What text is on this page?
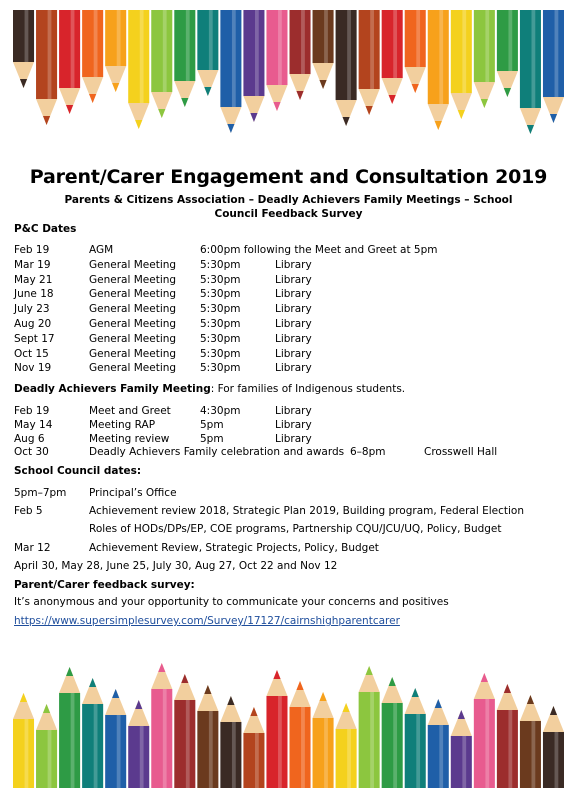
Parent/Carer Engagement and Consultation 2019

Parents & Citizens Association – Deadly Achievers Family Meetings – School Council Feedback Survey

P&C Dates

Feb 19	AGM	6:00pm following the Meet and Greet at 5pm
Mar 19	General Meeting 5:30pm	Library
May 21	General Meeting 5:30pm	Library
June 18	General Meeting 5:30pm	Library
July 23	General Meeting 5:30pm	Library
Aug 20	General Meeting 5:30pm	Library
Sept 17	General Meeting 5:30pm	Library
Oct 15	General Meeting 5:30pm	Library
Nov 19	General Meeting 5:30pm	Library

Deadly Achievers Family Meeting: For families of Indigenous students.

Feb 19	Meet and Greet	4:30pm	Library
May 14	Meeting RAP	5pm	Library
Aug 6	Meeting review	5pm	Library
Oct 30	Deadly Achievers Family celebration and awards 6–8pm	Crosswell Hall

School Council dates:

5pm–7pm Principal’s Office
Feb 5	Achievement review 2018, Strategic Plan 2019, Building program, Federal Election
Roles of HODs/DPs/EP, COE programs, Partnership CQU/JCU/UQ, Policy, Budget
Mar 12	Achievement Review, Strategic Projects, Policy, Budget

April 30, May 28, June 25, July 30, Aug 27, Oct 22 and Nov 12

Parent/Carer feedback survey:

It’s anonymous and your opportunity to communicate your concerns and positives

https://www.supersimplesurvey.com/Survey/17127/cairnshighparentcarer
